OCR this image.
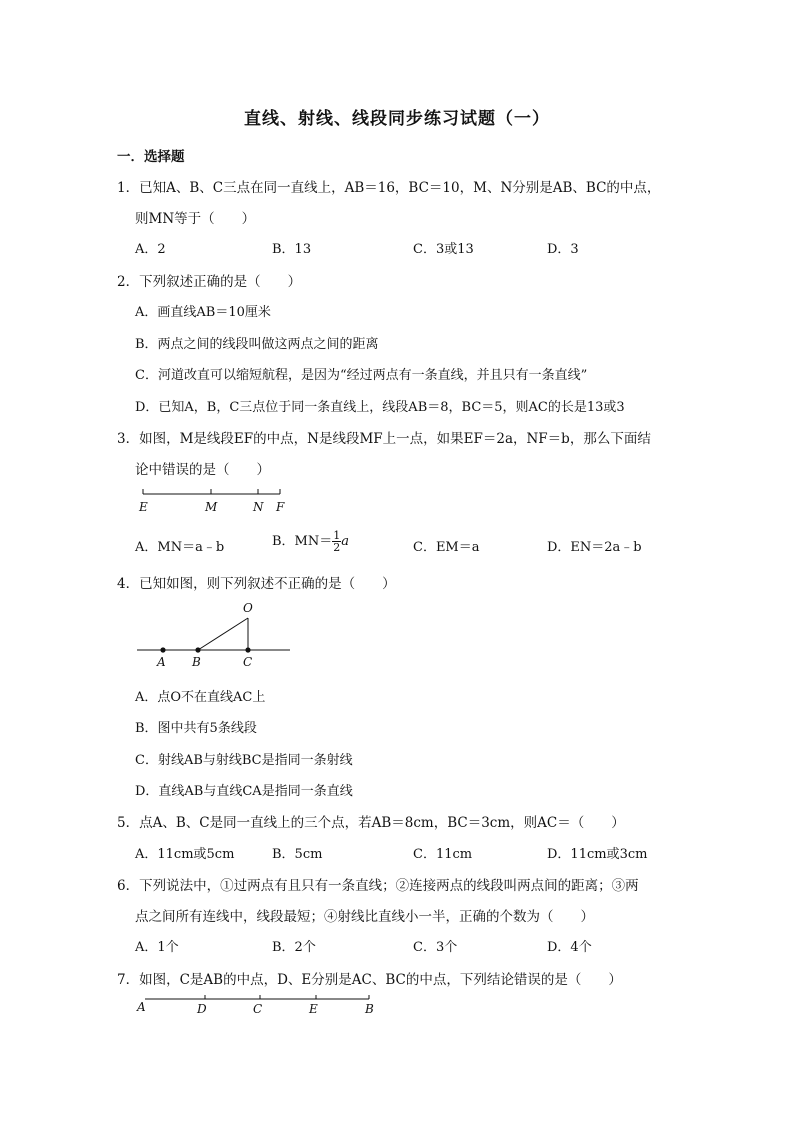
直线、射线、线段同步练习试题（一）
一．选择题
1．已知A、B、C三点在同一直线上，AB＝16，BC＝10，M、N分别是AB、BC的中点，
则MN等于（　　）
A．2	B．13	C．3或13	D．3
2．下列叙述正确的是（　　）
A．画直线AB＝10厘米
B．两点之间的线段叫做这两点之间的距离
C．河道改直可以缩短航程，是因为“经过两点有一条直线，并且只有一条直线”
D．已知A，B，C三点位于同一条直线上，线段AB＝8，BC＝5，则AC的长是13或3
3．如图，M是线段EF的中点，N是线段MF上一点，如果EF＝2a，NF＝b，那么下面结
论中错误的是（　　）
E	M	N F
A．MN＝a﹣b	B．$MN= \frac{1}{2}$ a	C．EM＝a	D．EN＝2a﹣b
4．已知如图，则下列叙述不正确的是（　　）
O
A B	C
A．点O不在直线AC上
B．图中共有5条线段
C．射线AB与射线BC是指同一条射线
D．直线AB与直线CA是指同一条直线
5．点A、B、C是同一直线上的三个点，若AB＝8cm，BC＝3cm，则AC＝（　　）
A．11cm或5cm	B．5cm	C．11cm	D．11cm或3cm
6．下列说法中，①过两点有且只有一条直线；②连接两点的线段叫两点间的距离；③两
点之间所有连线中，线段最短；④射线比直线小一半，正确的个数为（　　）
A．1个	B．2个	C．3个	D．4个
7．如图，C是AB的中点，D、E分别是AC、BC的中点，下列结论错误的是（　　）
A	D	C	E	B
